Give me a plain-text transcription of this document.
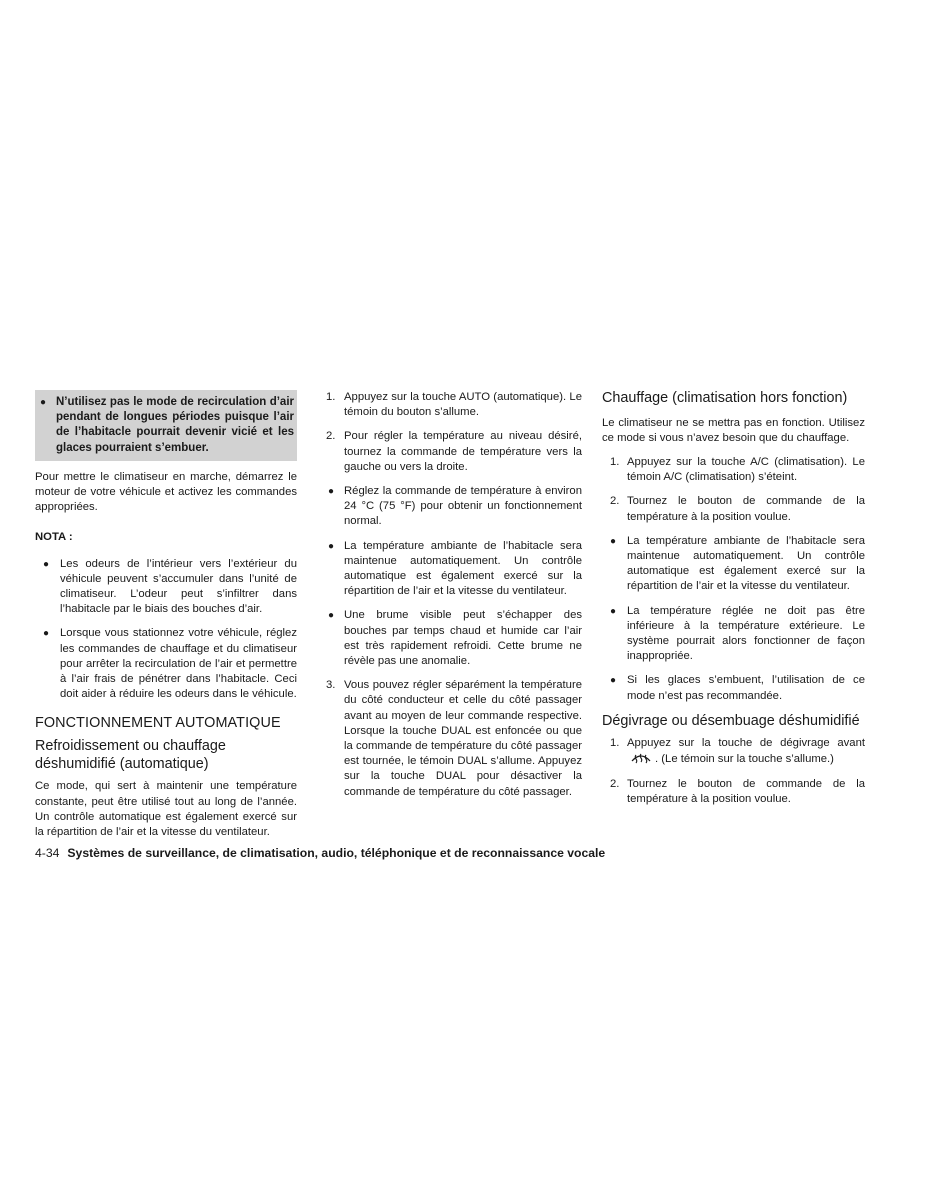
● N’utilisez pas le mode de recirculation d’air pendant de longues périodes puisque l’air de l’habitacle pourrait devenir vicié et les glaces pourraient s’embuer.

Pour mettre le climatiseur en marche, démarrez le moteur de votre véhicule et activez les commandes appropriées.

NOTA :

● Les odeurs de l’intérieur vers l’extérieur du véhicule peuvent s’accumuler dans l’unité de climatiseur. L’odeur peut s’infiltrer dans l’habitacle par le biais des bouches d’air.

● Lorsque vous stationnez votre véhicule, réglez les commandes de chauffage et du climatiseur pour arrêter la recirculation de l’air et permettre à l’air frais de pénétrer dans l’habitacle. Ceci doit aider à réduire les odeurs dans le véhicule.

FONCTIONNEMENT AUTOMATIQUE
Refroidissement ou chauffage déshumidifié (automatique)

Ce mode, qui sert à maintenir une température constante, peut être utilisé tout au long de l’année. Un contrôle automatique est également exercé sur la répartition de l’air et la vitesse du ventilateur.

1. Appuyez sur la touche AUTO (automatique). Le témoin du bouton s’allume.

2. Pour régler la température au niveau désiré, tournez la commande de température vers la gauche ou vers la droite.

● Réglez la commande de température à environ 24 °C (75 °F) pour obtenir un fonctionnement normal.

● La température ambiante de l’habitacle sera maintenue automatiquement. Un contrôle automatique est également exercé sur la répartition de l’air et la vitesse du ventilateur.

● Une brume visible peut s’échapper des bouches par temps chaud et humide car l’air est très rapidement refroidi. Cette brume ne révèle pas une anomalie.

3. Vous pouvez régler séparément la température du côté conducteur et celle du côté passager avant au moyen de leur commande respective. Lorsque la touche DUAL est enfoncée ou que la commande de température du côté passager est tournée, le témoin DUAL s’allume. Appuyez sur la touche DUAL pour désactiver la commande de température du côté passager.

Chauffage (climatisation hors fonction)

Le climatiseur ne se mettra pas en fonction. Utilisez ce mode si vous n’avez besoin que du chauffage.

1. Appuyez sur la touche A/C (climatisation). Le témoin A/C (climatisation) s’éteint.

2. Tournez le bouton de commande de la température à la position voulue.

● La température ambiante de l’habitacle sera maintenue automatiquement. Un contrôle automatique est également exercé sur la répartition de l’air et la vitesse du ventilateur.

● La température réglée ne doit pas être inférieure à la température extérieure. Le système pourrait alors fonctionner de façon inappropriée.

● Si les glaces s’embuent, l’utilisation de ce mode n’est pas recommandée.

Dégivrage ou désembuage déshumidifié
1. Appuyez sur la touche de dégivrage avant. (Le témoin sur la touche s’allume.)

2. Tournez le bouton de commande de la température à la position voulue.

4-34 Systèmes de surveillance, de climatisation, audio, téléphonique et de reconnaissance vocale
